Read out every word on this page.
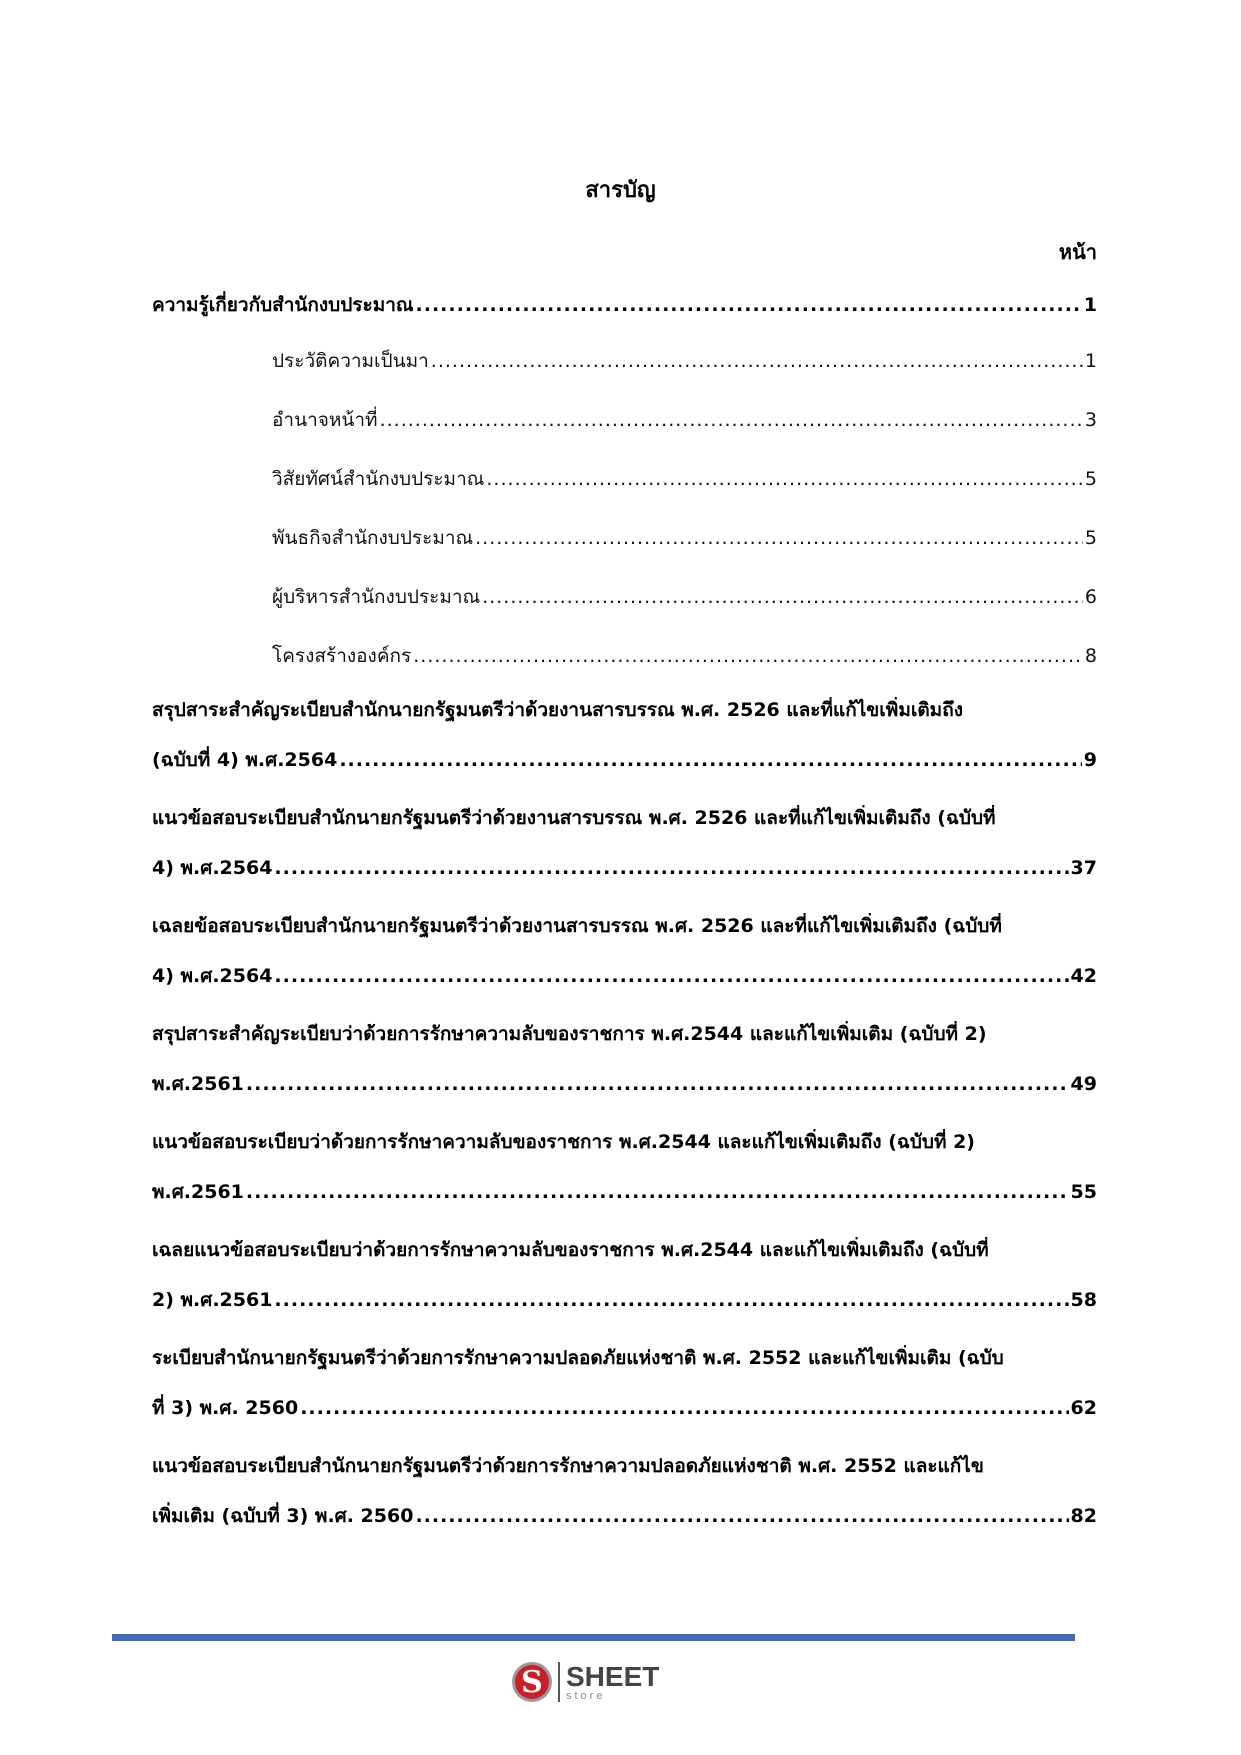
สารบัญ
หน้า
ความรู้เกี่ยวกับสำนักงบประมาณ .....	1
ประวัติความเป็นมา .....	1
อำนาจหน้าที่ .....	3
วิสัยทัศน์สำนักงบประมาณ .....	5
พันธกิจสำนักงบประมาณ .....	5
ผู้บริหารสำนักงบประมาณ .....	6
โครงสร้างองค์กร .....	8
สรุปสาระสำคัญระเบียบสำนักนายกรัฐมนตรีว่าด้วยงานสารบรรณ พ.ศ. 2526 และที่แก้ไขเพิ่มเติมถึง
(ฉบับที่ 4) พ.ศ.2564 .....	9
แนวข้อสอบระเบียบสำนักนายกรัฐมนตรีว่าด้วยงานสารบรรณ พ.ศ. 2526 และที่แก้ไขเพิ่มเติมถึง (ฉบับที่
4) พ.ศ.2564 .....	37
เฉลยข้อสอบระเบียบสำนักนายกรัฐมนตรีว่าด้วยงานสารบรรณ พ.ศ. 2526 และที่แก้ไขเพิ่มเติมถึง (ฉบับที่
4) พ.ศ.2564 .....	42
สรุปสาระสำคัญระเบียบว่าด้วยการรักษาความลับของราชการ พ.ศ.2544 และแก้ไขเพิ่มเติม (ฉบับที่ 2)
พ.ศ.2561 .....	49
แนวข้อสอบระเบียบว่าด้วยการรักษาความลับของราชการ พ.ศ.2544 และแก้ไขเพิ่มเติมถึง (ฉบับที่ 2)
พ.ศ.2561 .....	55
เฉลยแนวข้อสอบระเบียบว่าด้วยการรักษาความลับของราชการ พ.ศ.2544 และแก้ไขเพิ่มเติมถึง (ฉบับที่
2) พ.ศ.2561 .....	58
ระเบียบสำนักนายกรัฐมนตรีว่าด้วยการรักษาความปลอดภัยแห่งชาติ พ.ศ. 2552 และแก้ไขเพิ่มเติม (ฉบับ
ที่ 3) พ.ศ. 2560 .....	62
แนวข้อสอบระเบียบสำนักนายกรัฐมนตรีว่าด้วยการรักษาความปลอดภัยแห่งชาติ พ.ศ. 2552 และแก้ไข
เพิ่มเติม (ฉบับที่ 3) พ.ศ. 2560 .....	82
S SHEET
store
